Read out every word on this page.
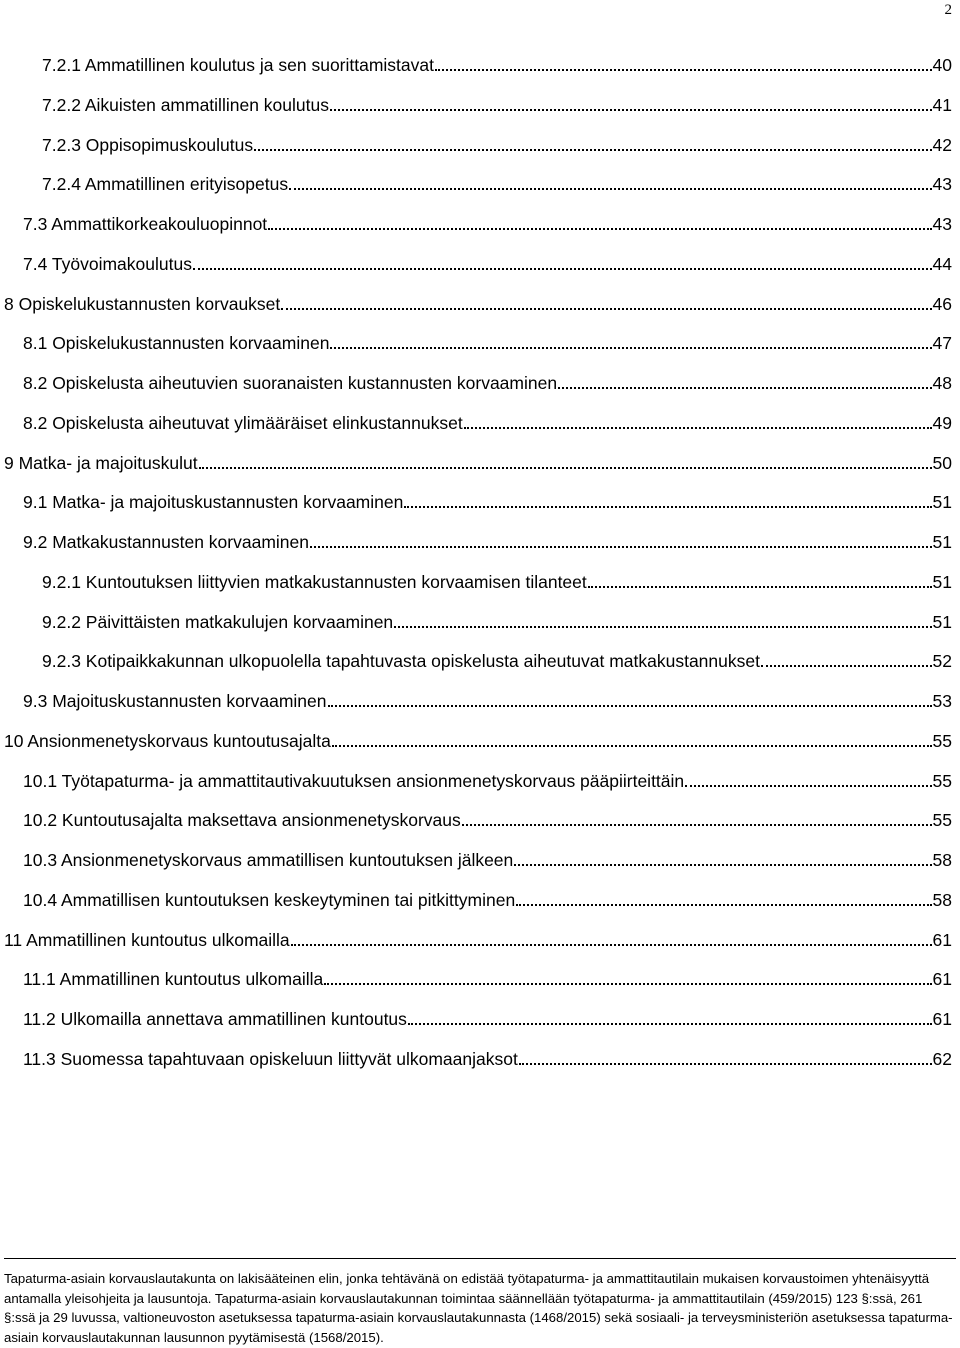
2
7.2.1 Ammatillinen koulutus ja sen suorittamistavat	40
7.2.2 Aikuisten ammatillinen koulutus	41
7.2.3 Oppisopimuskoulutus	42
7.2.4 Ammatillinen erityisopetus	43
7.3 Ammattikorkeakouluopinnot	43
7.4 Työvoimakoulutus	44
8 Opiskelukustannusten korvaukset	46
8.1 Opiskelukustannusten korvaaminen	47
8.2 Opiskelusta aiheutuvien suoranaisten kustannusten korvaaminen	48
8.2 Opiskelusta aiheutuvat ylimääräiset elinkustannukset	49
9 Matka- ja majoituskulut	50
9.1 Matka- ja majoituskustannusten korvaaminen	51
9.2 Matkakustannusten korvaaminen	51
9.2.1 Kuntoutuksen liittyvien matkakustannusten korvaamisen tilanteet	51
9.2.2 Päivittäisten matkakulujen korvaaminen	51
9.2.3 Kotipaikkakunnan ulkopuolella tapahtuvasta opiskelusta aiheutuvat matkakustannukset	52
9.3 Majoituskustannusten korvaaminen	53
10 Ansionmenetyskorvaus kuntoutusajalta	55
10.1 Työtapaturma- ja ammattitautivakuutuksen ansionmenetyskorvaus pääpiirteittäin	55
10.2 Kuntoutusajalta maksettava ansionmenetyskorvaus	55
10.3 Ansionmenetyskorvaus ammatillisen kuntoutuksen jälkeen	58
10.4 Ammatillisen kuntoutuksen keskeytyminen tai pitkittyminen	58
11 Ammatillinen kuntoutus ulkomailla	61
11.1 Ammatillinen kuntoutus ulkomailla	61
11.2 Ulkomailla annettava ammatillinen kuntoutus	61
11.3 Suomessa tapahtuvaan opiskeluun liittyvät ulkomaanjaksot	62
Tapaturma-asiain korvauslautakunta on lakisääteinen elin, jonka tehtävänä on edistää työtapaturma- ja ammattitautilain mukaisen korvaustoimen yhtenäisyyttä antamalla yleisohjeita ja lausuntoja. Tapaturma-asiain korvauslautakunnan toimintaa säännellään työtapaturma- ja ammattitautilain (459/2015) 123 §:ssä, 261 §:ssä ja 29 luvussa, valtioneuvoston asetuksessa tapaturma-asiain korvauslautakunnasta (1468/2015) sekä sosiaali- ja terveysministeriön asetuksessa tapaturma-asiain korvauslautakunnan lausunnon pyytämisestä (1568/2015).
